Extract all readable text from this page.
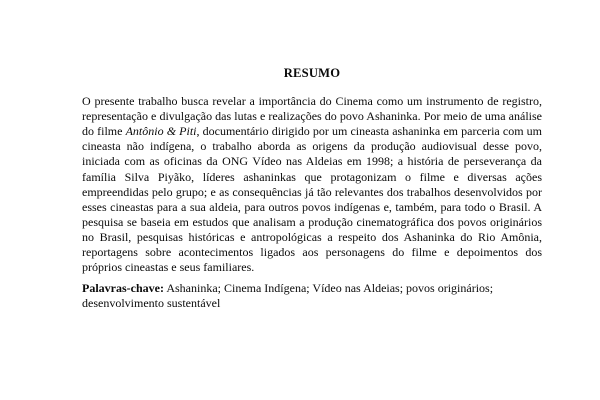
RESUMO

O presente trabalho busca revelar a importância do Cinema como um instrumento de registro, representação e divulgação das lutas e realizações do povo Ashaninka. Por meio de uma análise do filme Antônio & Piti, documentário dirigido por um cineasta ashaninka em parceria com um cineasta não indígena, o trabalho aborda as origens da produção audiovisual desse povo, iniciada com as oficinas da ONG Vídeo nas Aldeias em 1998; a história de perseverança da família Silva Piyãko, líderes ashaninkas que protagonizam o filme e diversas ações empreendidas pelo grupo; e as consequências já tão relevantes dos trabalhos desenvolvidos por esses cineastas para a sua aldeia, para outros povos indígenas e, também, para todo o Brasil. A pesquisa se baseia em estudos que analisam a produção cinematográfica dos povos originários no Brasil, pesquisas históricas e antropológicas a respeito dos Ashaninka do Rio Amônia, reportagens sobre acontecimentos ligados aos personagens do filme e depoimentos dos próprios cineastas e seus familiares.

Palavras-chave: Ashaninka; Cinema Indígena; Vídeo nas Aldeias; povos originários; desenvolvimento sustentável
